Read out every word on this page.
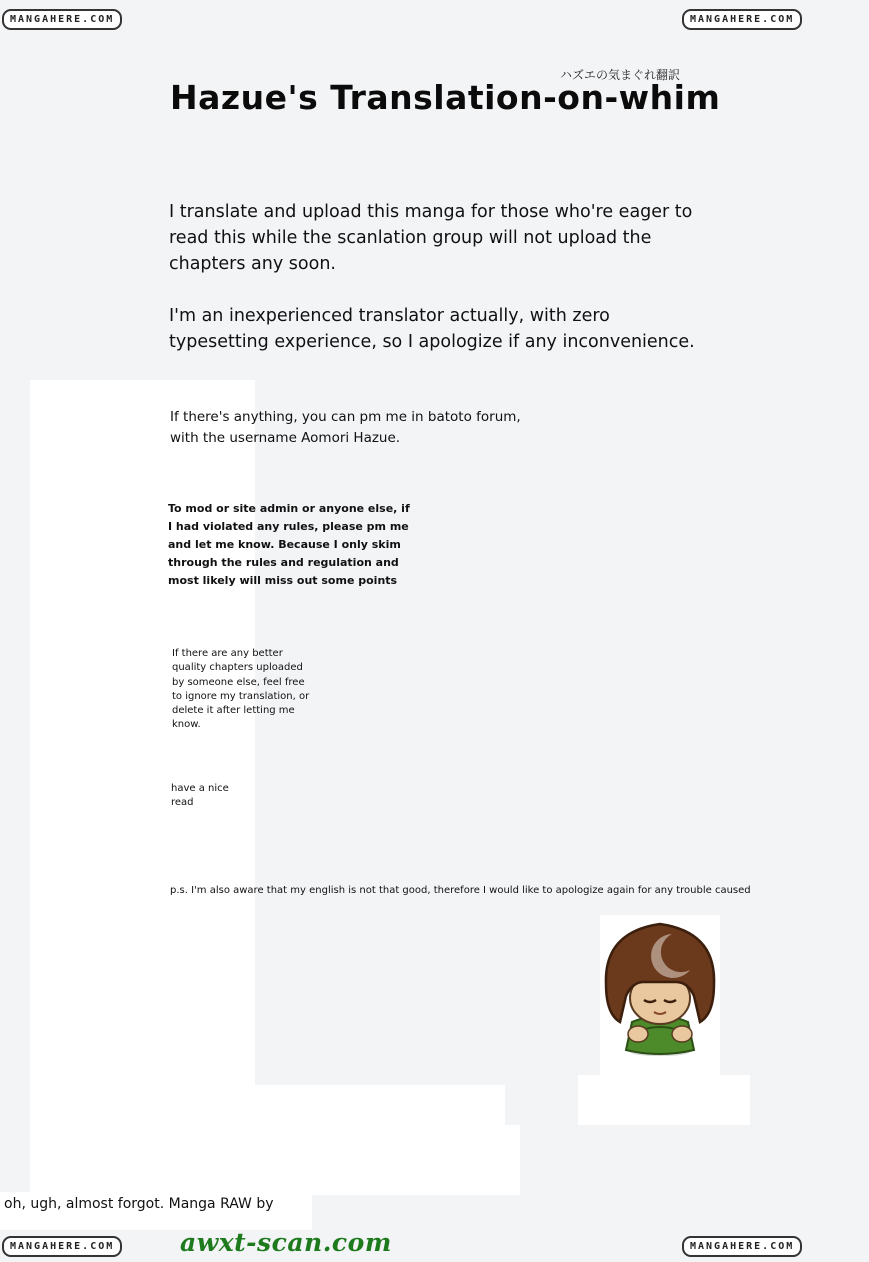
MANGAHERE.COM	MANGAHERE.COM
MANGAHERE.COM	MANGAHERE.COM
ハズエの気まぐれ翻訳
Hazue's Translation-on-whim
I translate and upload this manga for those who're eager to
read this while the scanlation group will not upload the
chapters any soon.
I'm an inexperienced translator actually, with zero
typesetting experience, so I apologize if any inconvenience.
If there's anything, you can pm me in batoto forum,
with the username Aomori Hazue.
To mod or site admin or anyone else, if
I had violated any rules, please pm me
and let me know. Because I only skim
through the rules and regulation and
most likely will miss out some points
If there are any better
quality chapters uploaded
by someone else, feel free
to ignore my translation, or
delete it after letting me
know.
have a nice
read
p.s. I'm also aware that my english is not that good, therefore I would like to apologize again for any trouble caused
oh, ugh, almost forgot. Manga RAW by
awxt-scan.com
